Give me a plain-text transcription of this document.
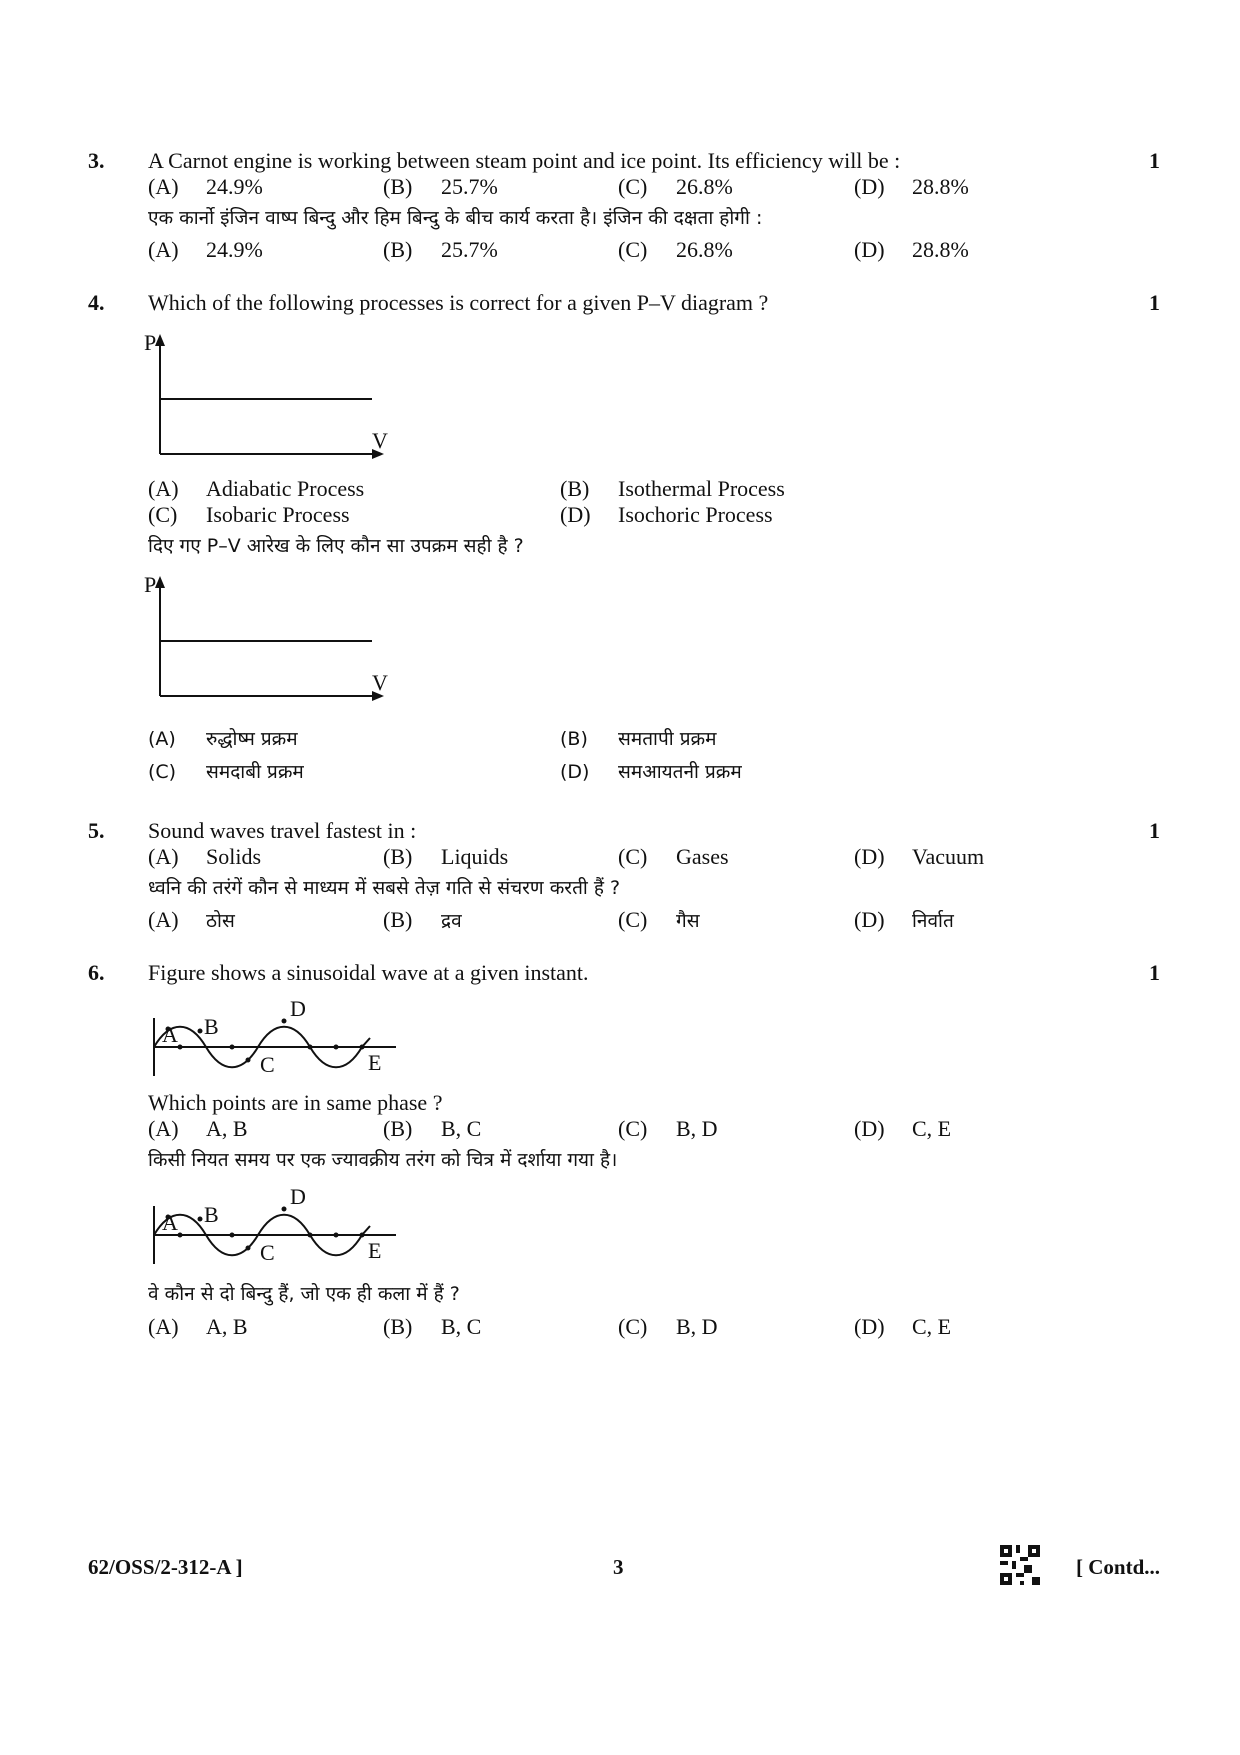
3. A Carnot engine is working between steam point and ice point. Its efficiency will be :	1
(A) 24.9%	(B) 25.7%	(C) 26.8%	(D) 28.8%
एक कार्नो इंजिन वाष्प बिन्दु और हिम बिन्दु के बीच कार्य करता है। इंजिन की दक्षता होगी :
(A) 24.9%	(B) 25.7%	(C) 26.8%	(D) 28.8%
4. Which of the following processes is correct for a given P–V diagram ?	1
P
V
(A) Adiabatic Process	(B) Isothermal Process
(C) Isobaric Process	(D) Isochoric Process
दिए गए P–V आरेख के लिए कौन सा उपक्रम सही है ?
P
V
(A) रुद्धोष्म प्रक्रम	(B) समतापी प्रक्रम
(C) समदाबी प्रक्रम	(D) समआयतनी प्रक्रम
5. Sound waves travel fastest in :	1
(A) Solids	(B) Liquids	(C) Gases	(D) Vacuum
ध्वनि की तरंगें कौन से माध्यम में सबसे तेज़ गति से संचरण करती हैं ?
(A) ठोस	(B) द्रव	(C) गैस	(D) निर्वात
6. Figure shows a sinusoidal wave at a given instant.	1
A B
C
D
E
Which points are in same phase ?
(A) A, B	(B) B, C	(C) B, D	(D) C, E
किसी नियत समय पर एक ज्यावक्रीय तरंग को चित्र में दर्शाया गया है।
A B
C
D
E
वे कौन से दो बिन्दु हैं, जो एक ही कला में हैं ?
(A) A, B	(B) B, C	(C) B, D	(D) C, E
62/OSS/2-312-A ]	3	[ Contd...
